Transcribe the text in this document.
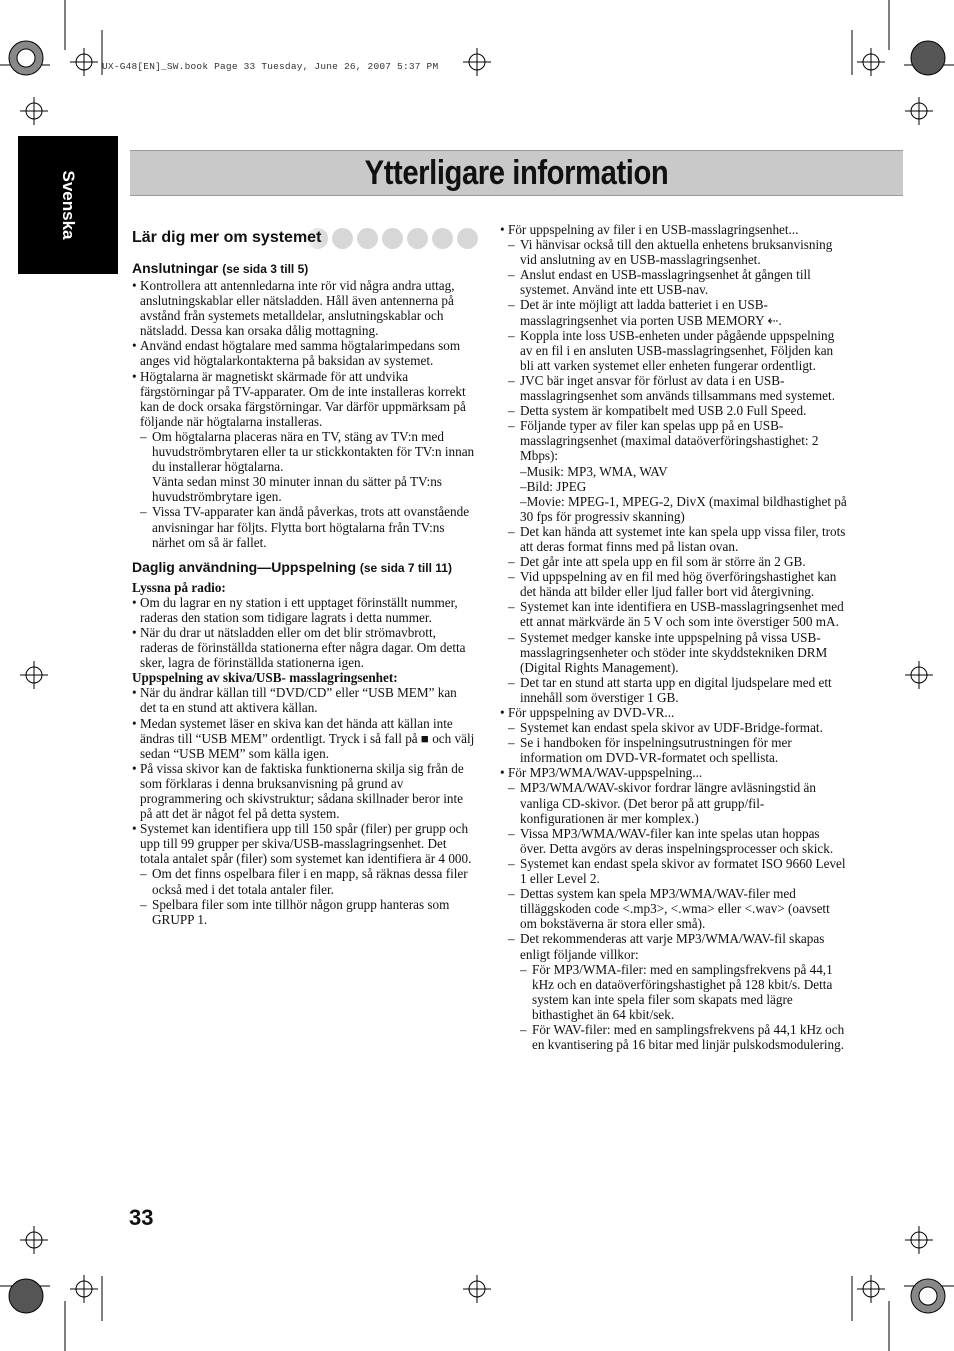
UX-G48[EN]_SW.book Page 33 Tuesday, June 26, 2007 5:37 PM
Svenska	Ytterligare information
Lär dig mer om systemet

Anslutningar (se sida 3 till 5)

• Kontrollera att antennledarna inte rör vid några andra uttag, anslutningskablar eller nätsladden. Håll även antennerna på avstånd från systemets metalldelar, anslutningskablar och nätsladd. Dessa kan orsaka dålig mottagning.

• Använd endast högtalare med samma högtalarimpedans som anges vid högtalarkontakterna på baksidan av systemet.

• Högtalarna är magnetiskt skärmade för att undvika färgstörningar på TV-apparater. Om de inte installeras korrekt kan de dock orsaka färgstörningar. Var därför uppmärksam på följande när högtalarna installeras.

– Om högtalarna placeras nära en TV, stäng av TV:n med huvudströmbrytaren eller ta ur stickkontakten för TV:n innan du installerar högtalarna.

Vänta sedan minst 30 minuter innan du sätter på TV:ns huvudströmbrytare igen.

– Vissa TV-apparater kan ändå påverkas, trots att ovanstående anvisningar har följts. Flytta bort högtalarna från TV:ns närhet om så är fallet.

Daglig användning—Uppspelning (se sida 7 till 11)

Lyssna på radio:

• Om du lagrar en ny station i ett upptaget förinställt nummer, raderas den station som tidigare lagrats i detta nummer.

• När du drar ut nätsladden eller om det blir strömavbrott, raderas de förinställda stationerna efter några dagar. Om detta sker, lagra de förinställda stationerna igen.

Uppspelning av skiva/USB- masslagringsenhet:

• När du ändrar källan till “DVD/CD” eller “USB MEM” kan det ta en stund att aktivera källan.

• Medan systemet läser en skiva kan det hända att källan inte ändras till “USB MEM” ordentligt. Tryck i så fall på ■ och välj sedan “USB MEM” som källa igen.

• På vissa skivor kan de faktiska funktionerna skilja sig från de som förklaras i denna bruksanvisning på grund av programmering och skivstruktur; sådana skillnader beror inte på att det är något fel på detta system.

• Systemet kan identifiera upp till 150 spår (filer) per grupp och upp till 99 grupper per skiva/USB-masslagringsenhet. Det totala antalet spår (filer) som systemet kan identifiera är 4 000.

– Om det finns ospelbara filer i en mapp, så räknas dessa filer också med i det totala antaler filer.

– Spelbara filer som inte tillhör någon grupp hanteras som GRUPP 1.

• För uppspelning av filer i en USB-masslagringsenhet...

– Vi hänvisar också till den aktuella enhetens bruksanvisning vid anslutning av en USB-masslagringsenhet.

– Anslut endast en USB-masslagringsenhet åt gången till systemet. Använd inte ett USB-nav.

– Det är inte möjligt att ladda batteriet i en USB-masslagringsenhet via porten USB MEMORY ⇠.

– Koppla inte loss USB-enheten under pågående uppspelning av en fil i en ansluten USB-masslagringsenhet, Följden kan bli att varken systemet eller enheten fungerar ordentligt.

– JVC bär inget ansvar för förlust av data i en USB-masslagringsenhet som används tillsammans med systemet.

– Detta system är kompatibelt med USB 2.0 Full Speed.

– Följande typer av filer kan spelas upp på en USB-masslagringsenhet (maximal dataöverföringshastighet: 2 Mbps):

–Musik: MP3, WMA, WAV

–Bild: JPEG

–Movie: MPEG-1, MPEG-2, DivX (maximal bildhastighet på 30 fps för progressiv skanning)

– Det kan hända att systemet inte kan spela upp vissa filer, trots att deras format finns med på listan ovan.

– Det går inte att spela upp en fil som är större än 2 GB.

– Vid uppspelning av en fil med hög överföringshastighet kan det hända att bilder eller ljud faller bort vid återgivning.

– Systemet kan inte identifiera en USB-masslagringsenhet med ett annat märkvärde än 5 V och som inte överstiger 500 mA.

– Systemet medger kanske inte uppspelning på vissa USB-masslagringsenheter och stöder inte skyddstekniken DRM (Digital Rights Management).

– Det tar en stund att starta upp en digital ljudspelare med ett innehåll som överstiger 1 GB.

• För uppspelning av DVD-VR...

– Systemet kan endast spela skivor av UDF-Bridge-format.

– Se i handboken för inspelningsutrustningen för mer information om DVD-VR-formatet och spellista.

• För MP3/WMA/WAV-uppspelning...

– MP3/WMA/WAV-skivor fordrar längre avläsningstid än vanliga CD-skivor. (Det beror på att grupp/fil-konfigurationen är mer komplex.)

– Vissa MP3/WMA/WAV-filer kan inte spelas utan hoppas över. Detta avgörs av deras inspelningsprocesser och skick.

– Systemet kan endast spela skivor av formatet ISO 9660 Level 1 eller Level 2.

– Dettas system kan spela MP3/WMA/WAV-filer med tilläggskoden code <.mp3>, <.wma> eller <.wav> (oavsett om bokstäverna är stora eller små).

– Det rekommenderas att varje MP3/WMA/WAV-fil skapas enligt följande villkor:

– För MP3/WMA-filer: med en samplingsfrekvens på 44,1 kHz och en dataöverföringshastighet på 128 kbit/s. Detta system kan inte spela filer som skapats med lägre bithastighet än 64 kbit/sek.

– För WAV-filer: med en samplingsfrekvens på 44,1 kHz och en kvantisering på 16 bitar med linjär pulskodsmodulering.

33
